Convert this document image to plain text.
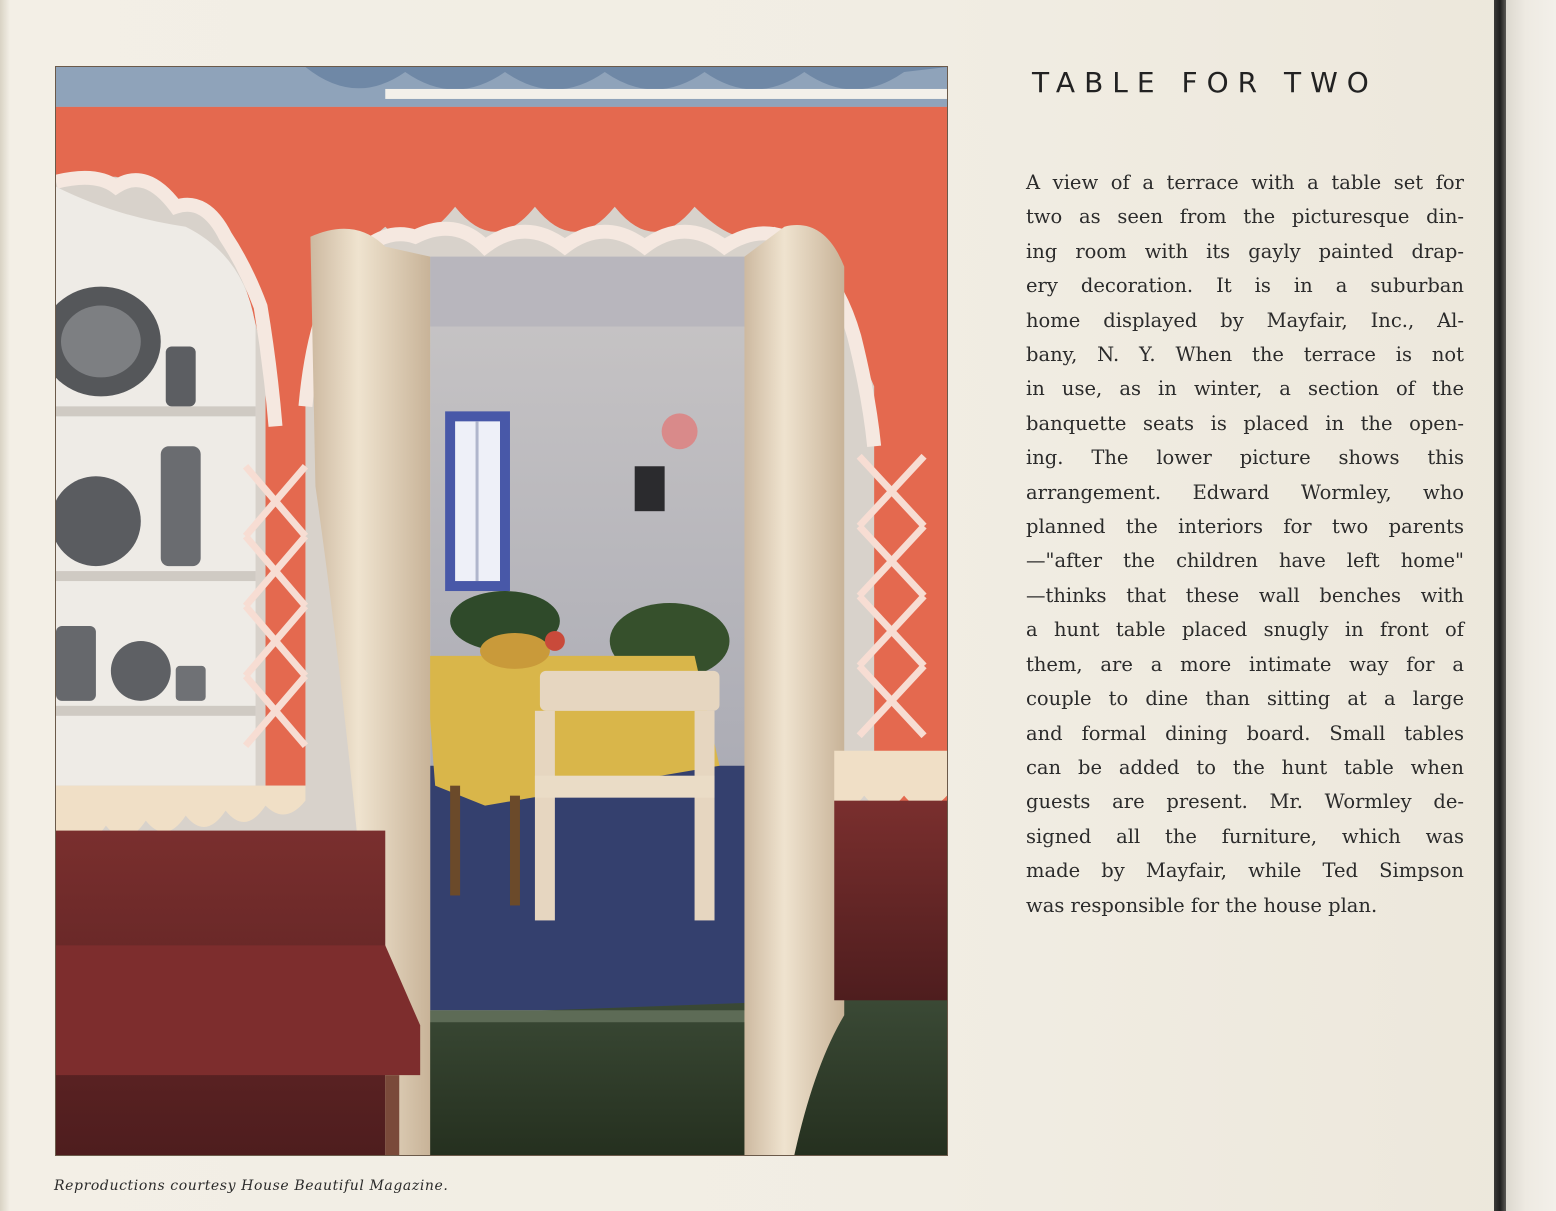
TABLE FOR TWO

A view of a terrace with a table set for
two as seen from the picturesque din-
ing room with its gayly painted drap-
ery decoration. It is in a suburban
home displayed by Mayfair, Inc., Al-
bany, N. Y. When the terrace is not
in use, as in winter, a section of the
banquette seats is placed in the open-
ing. The lower picture shows this
arrangement. Edward Wormley, who
planned the interiors for two parents
—"after the children have left home"
—thinks that these wall benches with
a hunt table placed snugly in front of
them, are a more intimate way for a
couple to dine than sitting at a large
and formal dining board. Small tables
can be added to the hunt table when
guests are present. Mr. Wormley de-
signed all the furniture, which was
made by Mayfair, while Ted Simpson
was responsible for the house plan.

Reproductions courtesy House Beautiful Magazine.
